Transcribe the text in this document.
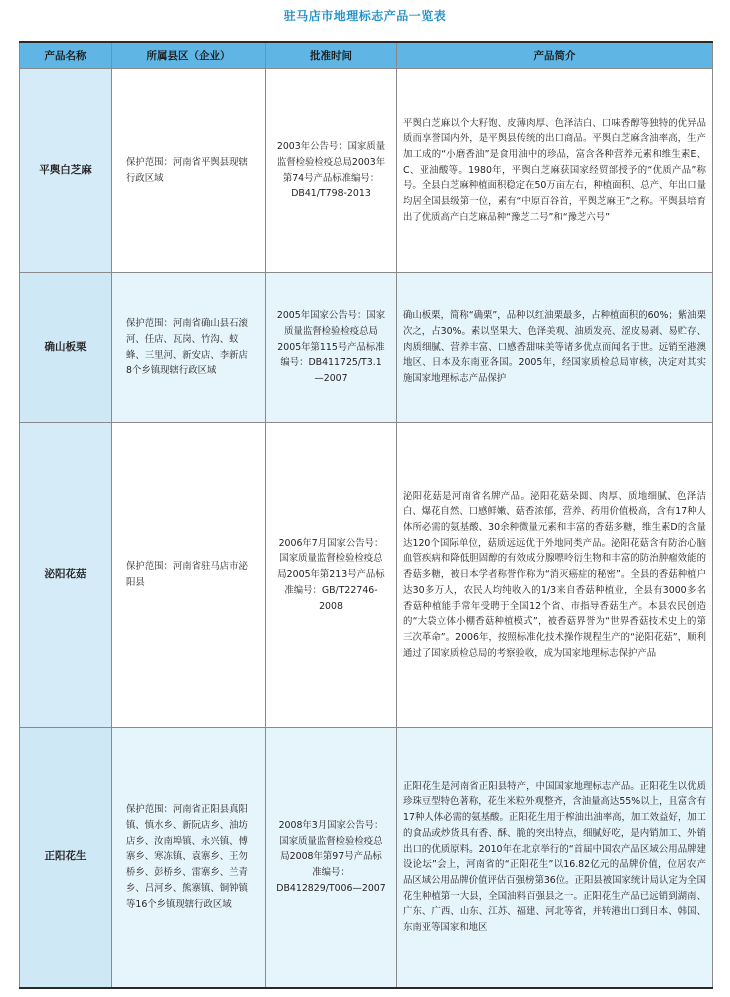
驻马店市地理标志产品一览表
产品名称	所属县区（企业）	批准时间	产品简介
平舆白芝麻	保护范围：河南省平舆县现辖行政区域	2003年公告号：国家质量监督检验检疫总局2003年第74号产品标准编号：DB41/T798-2013	平舆白芝麻以个大籽饱、皮薄肉厚、色泽洁白、口味香醇等独特的优异品质而享誉国内外，是平舆县传统的出口商品。平舆白芝麻含油率高，生产加工成的“小磨香油”是食用油中的珍品，富含各种营养元素和维生素E、C、亚油酸等。1980年，平舆白芝麻获国家经贸部授予的“优质产品”称号。全县白芝麻种植面积稳定在50万亩左右，种植面积、总产、年出口量均居全国县级第一位，素有“中原百谷首，平舆芝麻王”之称。平舆县培育出了优质高产白芝麻品种“豫芝二号”和“豫芝六号”

确山板栗	保护范围：河南省确山县石滚河、任店、瓦岗、竹沟、蚁蜂、三里河、新安店、李新店8个乡镇现辖行政区域	2005年国家公告号：国家质量监督检验检疫总局2005年第115号产品标准编号：DB411725/T3.1—2007	确山板栗，简称“确栗”，品种以红油栗最多，占种植面积的60%；紫油栗次之，占30%。素以坚果大、色泽美观、油质发亮、涩皮易剥、易贮存、肉质细腻、营养丰富、口感香甜味美等诸多优点而闻名于世。远销至港澳地区、日本及东南亚各国。2005年，经国家质检总局审核，决定对其实施国家地理标志产品保护

泌阳花菇	保护范围：河南省驻马店市泌阳县	2006年7月国家公告号：国家质量监督检验检疫总局2005年第213号产品标准编号：GB/T22746-2008	泌阳花菇是河南省名牌产品。泌阳花菇朵圆、肉厚、质地细腻、色泽洁白、爆花自然、口感鲜嫩、菇香浓郁，营养、药用价值极高，含有17种人体所必需的氨基酸、30余种微量元素和丰富的香菇多糖，维生素D的含量达120个国际单位，菇质远远优于外地同类产品。泌阳花菇含有防治心脑血管疾病和降低胆固醇的有效成分腺嘌呤衍生物和丰富的防治肿瘤效能的香菇多糖，被日本学者称誉作称为“消灭癌症的秘密”。全县的香菇种植户达30多万人，农民人均纯收入的1/3来自香菇种植业，全县有3000多名香菇种植能手常年受聘于全国12个省、市指导香菇生产。本县农民创造的“大袋立体小棚香菇种植模式”，被香菇界誉为“世界香菇技术史上的第三次革命”。2006年，按照标准化技术操作规程生产的“泌阳花菇”，顺利通过了国家质检总局的考察验收，成为国家地理标志保护产品

正阳花生	保护范围：河南省正阳县真阳镇、慎水乡、新阮店乡、油坊店乡、汝南埠镇、永兴镇、傅寨乡、寒冻镇、袁寨乡、王勿桥乡、彭桥乡、雷寨乡、兰青乡、吕河乡、熊寨镇、铜钟镇等16个乡镇现辖行政区域	2008年3月国家公告号：国家质量监督检验检疫总局2008年第97号产品标准编号：DB412829/T006—2007	正阳花生是河南省正阳县特产，中国国家地理标志产品。正阳花生以优质珍珠豆型特色著称，花生米粒外观整齐，含油量高达55%以上，且富含有17种人体必需的氨基酸。正阳花生用于榨油出油率高，加工效益好，加工的食品或炒货具有香、酥、脆的突出特点，细腻好吃，是内销加工、外销出口的优质原料。2010年在北京举行的“首届中国农产品区域公用品牌建设论坛”会上，河南省的“正阳花生”以16.82亿元的品牌价值，位居农产品区域公用品牌价值评估百强榜第36位。正阳县被国家统计局认定为全国花生种植第一大县，全国油料百强县之一。正阳花生产品已远销到湖南、广东、广西、山东、江苏、福建、河北等省，并转港出口到日本、韩国、东南亚等国家和地区
